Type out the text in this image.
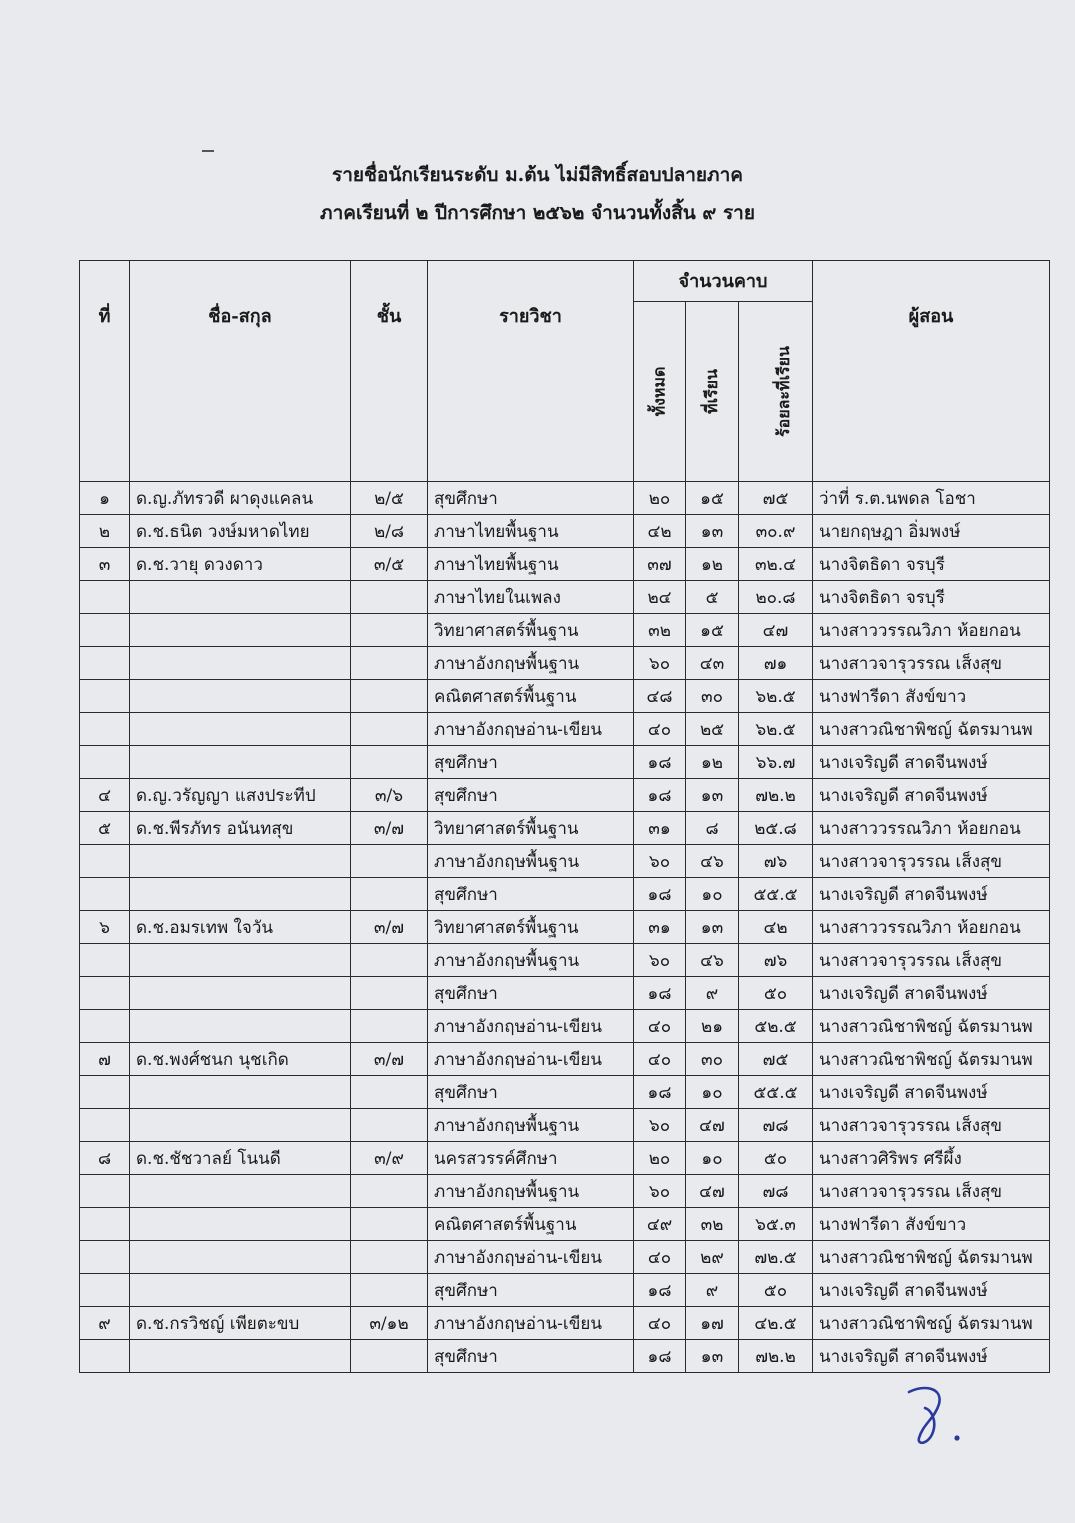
รายชื่อนักเรียนระดับ ม.ต้น ไม่มีสิทธิ์สอบปลายภาค
ภาคเรียนที่ ๒ ปีการศึกษา ๒๕๖๒ จำนวนทั้งสิ้น ๙ ราย
ที่	ชื่อ-สกุล	ชั้น	รายวิชา	จำนวนคาบ			ผู้สอน
				ทั้งหมด	ที่เรียน	ร้อยละที่เรียน	
๑	ด.ญ.ภัทรวดี ผาดุงแคลน	๒/๕	สุขศึกษา	๒๐	๑๕	๗๕	ว่าที่ ร.ต.นพดล โอชา
๒	ด.ช.ธนิต วงษ์มหาดไทย	๒/๘	ภาษาไทยพื้นฐาน	๔๒	๑๓	๓๐.๙	นายกฤษฎา อิ่มพงษ์
๓	ด.ช.วายุ ดวงดาว	๓/๕	ภาษาไทยพื้นฐาน	๓๗	๑๒	๓๒.๔	นางจิตธิดา จรบุรี
			ภาษาไทยในเพลง	๒๔	๕	๒๐.๘	นางจิตธิดา จรบุรี
			วิทยาศาสตร์พื้นฐาน	๓๒	๑๕	๔๗	นางสาววรรณวิภา ห้อยกอน
			ภาษาอังกฤษพื้นฐาน	๖๐	๔๓	๗๑	นางสาวจารุวรรณ เส็งสุข
			คณิตศาสตร์พื้นฐาน	๔๘	๓๐	๖๒.๕	นางฟารีดา สังข์ขาว
			ภาษาอังกฤษอ่าน-เขียน	๔๐	๒๕	๖๒.๕	นางสาวณิชาพิชญ์ ฉัตรมานพ
			สุขศึกษา	๑๘	๑๒	๖๖.๗	นางเจริญดี สาดจีนพงษ์
๔	ด.ญ.วรัญญา แสงประทีป	๓/๖	สุขศึกษา	๑๘	๑๓	๗๒.๒	นางเจริญดี สาดจีนพงษ์
๕	ด.ช.พีรภัทร อนันทสุข	๓/๗	วิทยาศาสตร์พื้นฐาน	๓๑	๘	๒๕.๘	นางสาววรรณวิภา ห้อยกอน
			ภาษาอังกฤษพื้นฐาน	๖๐	๔๖	๗๖	นางสาวจารุวรรณ เส็งสุข
			สุขศึกษา	๑๘	๑๐	๕๕.๕	นางเจริญดี สาดจีนพงษ์
๖	ด.ช.อมรเทพ ใจวัน	๓/๗	วิทยาศาสตร์พื้นฐาน	๓๑	๑๓	๔๒	นางสาววรรณวิภา ห้อยกอน
			ภาษาอังกฤษพื้นฐาน	๖๐	๔๖	๗๖	นางสาวจารุวรรณ เส็งสุข
			สุขศึกษา	๑๘	๙	๕๐	นางเจริญดี สาดจีนพงษ์
			ภาษาอังกฤษอ่าน-เขียน	๔๐	๒๑	๕๒.๕	นางสาวณิชาพิชญ์ ฉัตรมานพ
๗	ด.ช.พงศ์ชนก นุชเกิด	๓/๗	ภาษาอังกฤษอ่าน-เขียน	๔๐	๓๐	๗๕	นางสาวณิชาพิชญ์ ฉัตรมานพ
			สุขศึกษา	๑๘	๑๐	๕๕.๕	นางเจริญดี สาดจีนพงษ์
			ภาษาอังกฤษพื้นฐาน	๖๐	๔๗	๗๘	นางสาวจารุวรรณ เส็งสุข
๘	ด.ช.ชัชวาลย์ โนนดี	๓/๙	นครสวรรค์ศึกษา	๒๐	๑๐	๕๐	นางสาวศิริพร ศรีผึ้ง
			ภาษาอังกฤษพื้นฐาน	๖๐	๔๗	๗๘	นางสาวจารุวรรณ เส็งสุข
			คณิตศาสตร์พื้นฐาน	๔๙	๓๒	๖๕.๓	นางฟารีดา สังข์ขาว
			ภาษาอังกฤษอ่าน-เขียน	๔๐	๒๙	๗๒.๕	นางสาวณิชาพิชญ์ ฉัตรมานพ
			สุขศึกษา	๑๘	๙	๕๐	นางเจริญดี สาดจีนพงษ์
๙	ด.ช.กรวิชญ์ เพียตะขบ	๓/๑๒	ภาษาอังกฤษอ่าน-เขียน	๔๐	๑๗	๔๒.๕	นางสาวณิชาพิชญ์ ฉัตรมานพ
			สุขศึกษา	๑๘	๑๓	๗๒.๒	นางเจริญดี สาดจีนพงษ์
